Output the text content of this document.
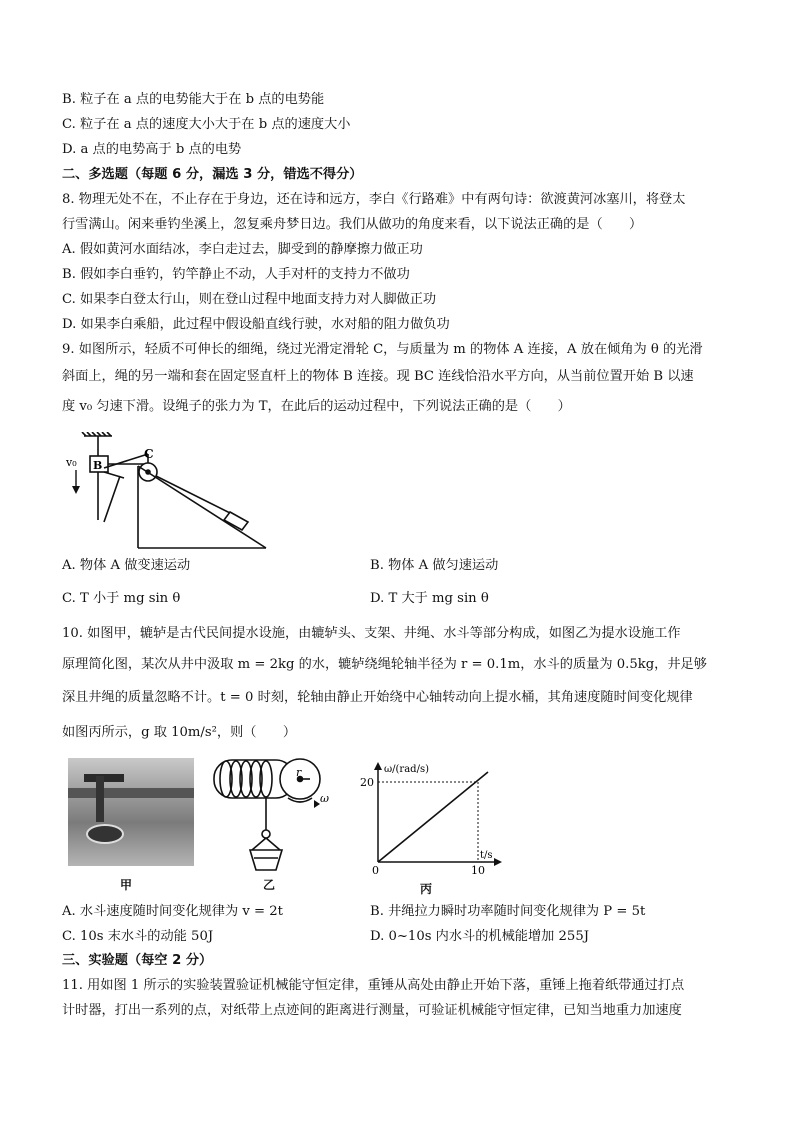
B. 粒子在 a 点的电势能大于在 b 点的电势能
C. 粒子在 a 点的速度大小大于在 b 点的速度大小
D. a 点的电势高于 b 点的电势
二、多选题（每题 6 分，漏选 3 分，错选不得分）
8. 物理无处不在，不止存在于身边，还在诗和远方，李白《行路难》中有两句诗：欲渡黄河冰塞川，将登太
行雪满山。闲来垂钓坐溪上，忽复乘舟梦日边。我们从做功的角度来看，以下说法正确的是（　　）
A. 假如黄河水面结冰，李白走过去，脚受到的静摩擦力做正功
B. 假如李白垂钓，钓竿静止不动，人手对杆的支持力不做功
C. 如果李白登太行山，则在登山过程中地面支持力对人脚做正功
D. 如果李白乘船，此过程中假设船直线行驶，水对船的阻力做负功
9. 如图所示，轻质不可伸长的细绳，绕过光滑定滑轮 C，与质量为 m 的物体 A 连接，A 放在倾角为 θ 的光滑
斜面上，绳的另一端和套在固定竖直杆上的物体 B 连接。现 BC 连线恰沿水平方向，从当前位置开始 B 以速
度 v₀ 匀速下滑。设绳子的张力为 T，在此后的运动过程中，下列说法正确的是（　　）
v₀ B
C
A. 物体 A 做变速运动	B. 物体 A 做匀速运动
C. T 小于 mg sin θ	D. T 大于 mg sin θ
10. 如图甲，辘轳是古代民间提水设施，由辘轳头、支架、井绳、水斗等部分构成，如图乙为提水设施工作
原理简化图，某次从井中汲取 m = 2kg 的水，辘轳绕绳轮轴半径为 r = 0.1m，水斗的质量为 0.5kg，井足够
深且井绳的质量忽略不计。t = 0 时刻，轮轴由静止开始绕中心轴转动向上提水桶，其角速度随时间变化规律
如图丙所示，g 取 10m/s²，则（　　）
甲
r
ω
乙
ω/(rad/s)
t/s
20
10
0
丙
A. 水斗速度随时间变化规律为 v = 2t	B. 井绳拉力瞬时功率随时间变化规律为 P = 5t
C. 10s 末水斗的动能 50J	D. 0~10s 内水斗的机械能增加 255J
三、实验题（每空 2 分）
11. 用如图 1 所示的实验装置验证机械能守恒定律，重锤从高处由静止开始下落，重锤上拖着纸带通过打点
计时器，打出一系列的点，对纸带上点迹间的距离进行测量，可验证机械能守恒定律，已知当地重力加速度
